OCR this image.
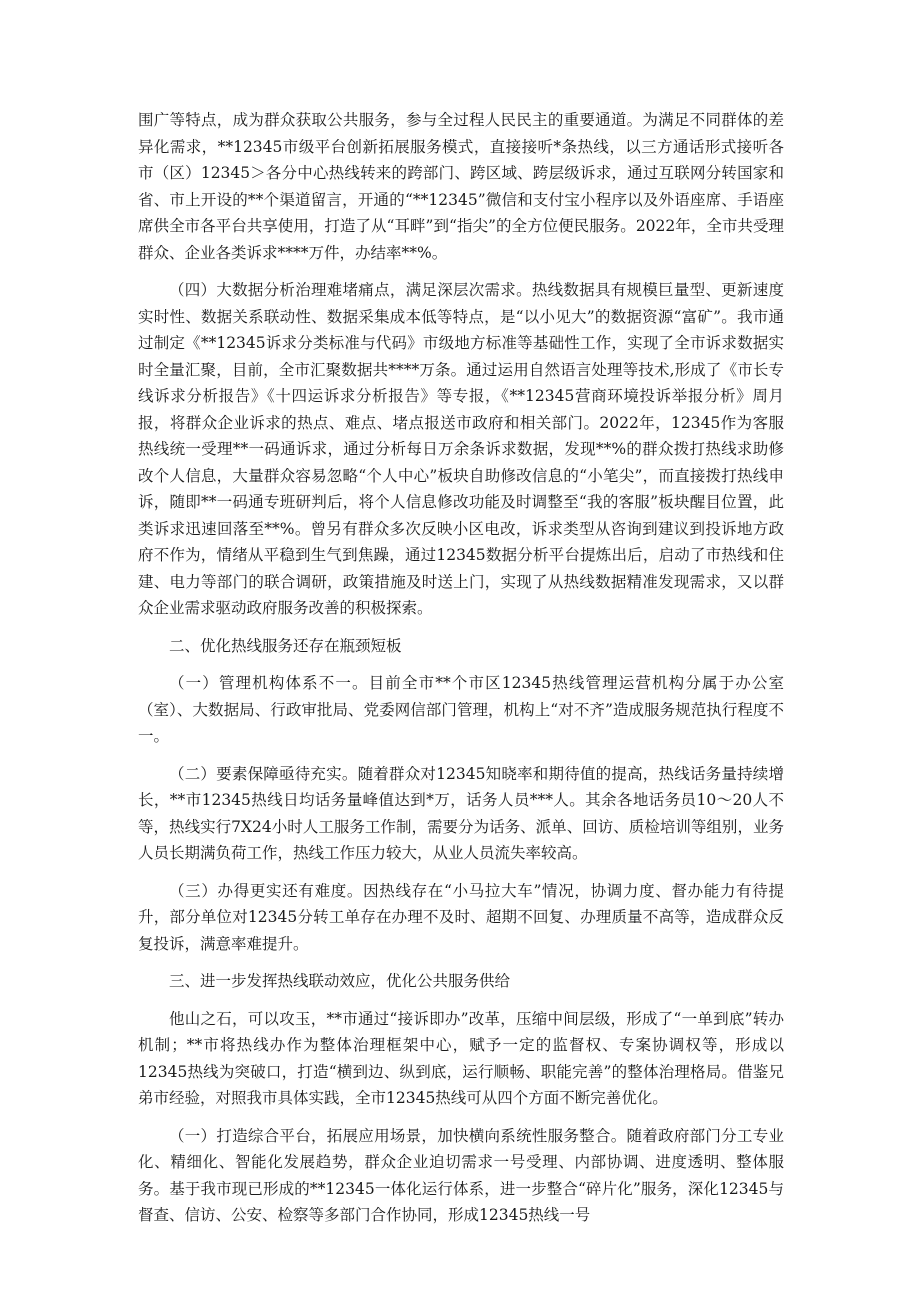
围广等特点，成为群众获取公共服务，参与全过程人民民主的重要通道。为满足不同群体的差异化需求，**12345市级平台创新拓展服务模式，直接接听*条热线，以三方通话形式接听各市（区）12345＞各分中心热线转来的跨部门、跨区域、跨层级诉求，通过互联网分转国家和省、市上开设的**个渠道留言，开通的“**12345”微信和支付宝小程序以及外语座席、手语座席供全市各平台共享使用，打造了从“耳畔”到“指尖”的全方位便民服务。2022年，全市共受理群众、企业各类诉求****万件，办结率**%。

（四）大数据分析治理难堵痛点，满足深层次需求。热线数据具有规模巨量型、更新速度实时性、数据关系联动性、数据采集成本低等特点，是“以小见大”的数据资源“富矿”。我市通过制定《**12345诉求分类标准与代码》市级地方标准等基础性工作，实现了全市诉求数据实时全量汇聚，目前，全市汇聚数据共****万条。通过运用自然语言处理等技术,形成了《市长专线诉求分析报告》《十四运诉求分析报告》等专报，《**12345营商环境投诉举报分析》周月报，将群众企业诉求的热点、难点、堵点报送市政府和相关部门。2022年，12345作为客服热线统一受理**一码通诉求，通过分析每日万余条诉求数据，发现**%的群众拨打热线求助修改个人信息，大量群众容易忽略“个人中心”板块自助修改信息的“小笔尖”，而直接拨打热线申诉，随即**一码通专班研判后，将个人信息修改功能及时调整至“我的客服”板块醒目位置，此类诉求迅速回落至**%。曾另有群众多次反映小区电改，诉求类型从咨询到建议到投诉地方政府不作为，情绪从平稳到生气到焦躁，通过12345数据分析平台提炼出后，启动了市热线和住建、电力等部门的联合调研，政策措施及时送上门，实现了从热线数据精准发现需求，又以群众企业需求驱动政府服务改善的积极探索。

二、优化热线服务还存在瓶颈短板

（一）管理机构体系不一。目前全市**个市区12345热线管理运营机构分属于办公室（室）、大数据局、行政审批局、党委网信部门管理，机构上“对不齐”造成服务规范执行程度不一。

（二）要素保障亟待充实。随着群众对12345知晓率和期待值的提高，热线话务量持续增长，**市12345热线日均话务量峰值达到*万，话务人员***人。其余各地话务员10～20人不等，热线实行7X24小时人工服务工作制，需要分为话务、派单、回访、质检培训等组别，业务人员长期满负荷工作，热线工作压力较大，从业人员流失率较高。

（三）办得更实还有难度。因热线存在“小马拉大车”情况，协调力度、督办能力有待提升，部分单位对12345分转工单存在办理不及时、超期不回复、办理质量不高等，造成群众反复投诉，满意率难提升。

三、进一步发挥热线联动效应，优化公共服务供给

他山之石，可以攻玉，**市通过“接诉即办”改革，压缩中间层级，形成了“一单到底”转办机制；**市将热线办作为整体治理框架中心，赋予一定的监督权、专案协调权等，形成以12345热线为突破口，打造“横到边、纵到底，运行顺畅、职能完善”的整体治理格局。借鉴兄弟市经验，对照我市具体实践，全市12345热线可从四个方面不断完善优化。

（一）打造综合平台，拓展应用场景，加快横向系统性服务整合。随着政府部门分工专业化、精细化、智能化发展趋势，群众企业迫切需求一号受理、内部协调、进度透明、整体服务。基于我市现已形成的**12345一体化运行体系，进一步整合“碎片化”服务，深化12345与督查、信访、公安、检察等多部门合作协同，形成12345热线一号
